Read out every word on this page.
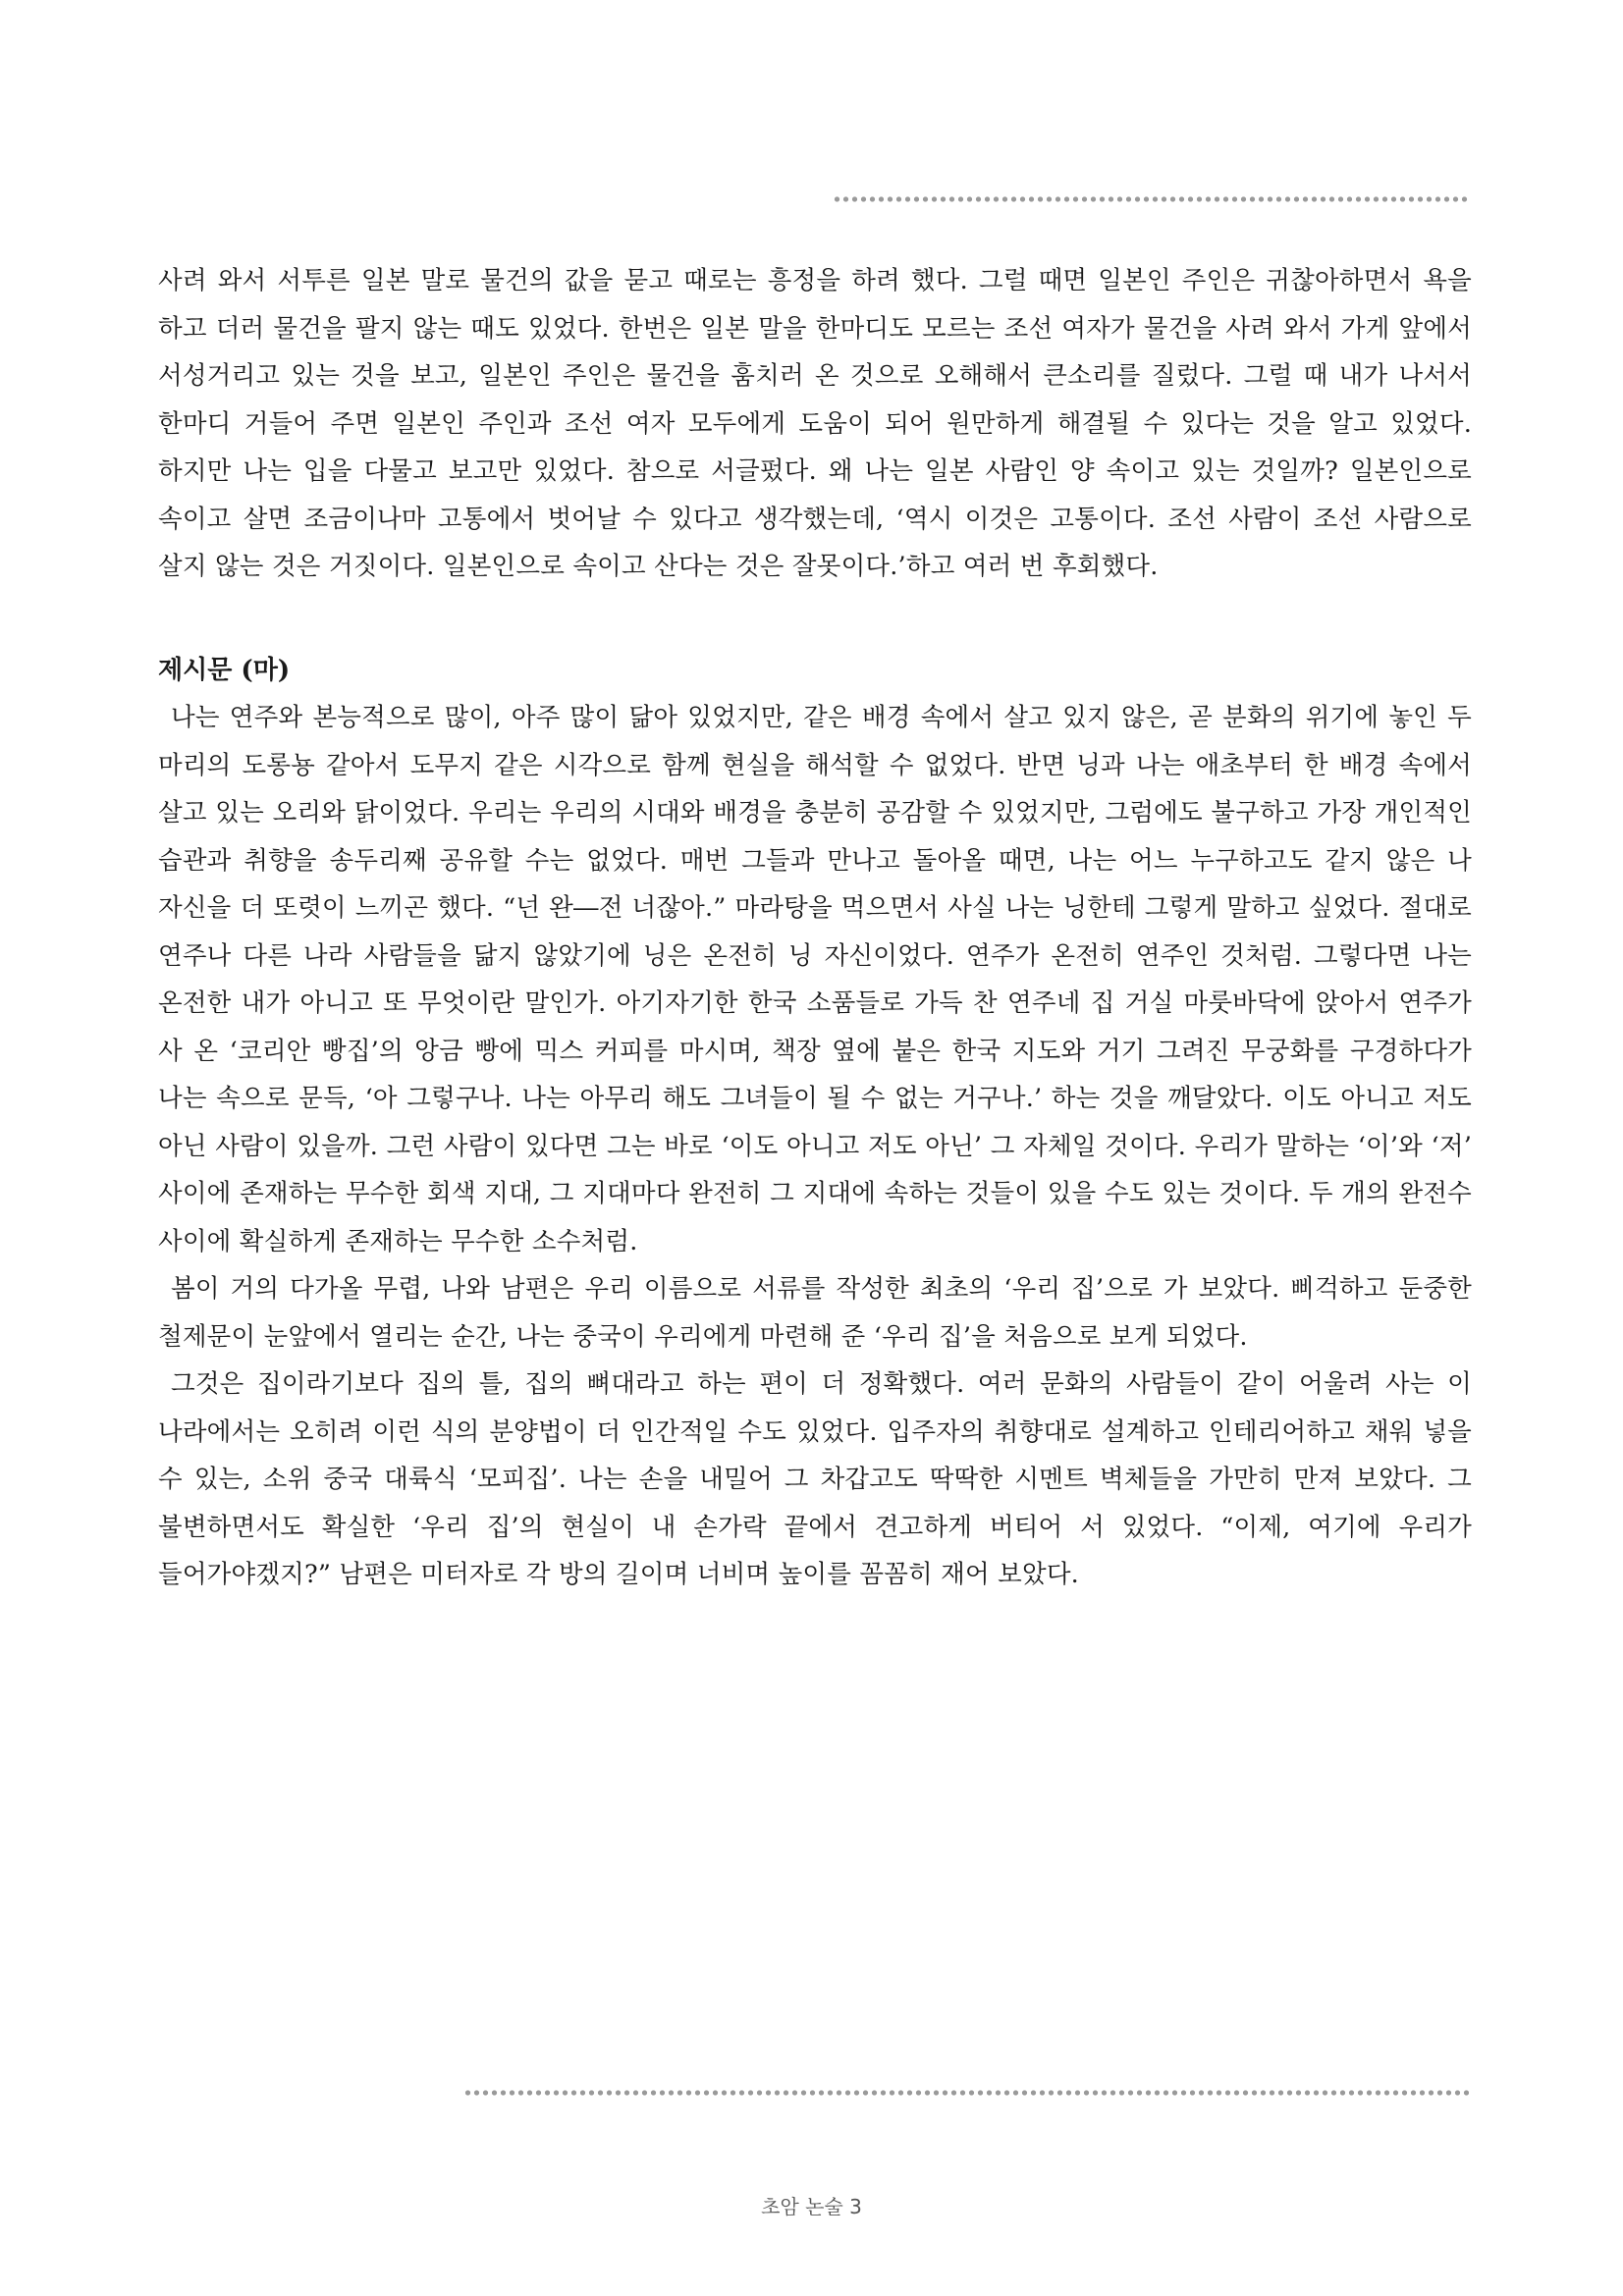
사려 와서 서투른 일본 말로 물건의 값을 묻고 때로는 흥정을 하려 했다. 그럴 때면 일본인 주인은 귀찮아하면서 욕을 하고 더러 물건을 팔지 않는 때도 있었다. 한번은 일본 말을 한마디도 모르는 조선 여자가 물건을 사려 와서 가게 앞에서 서성거리고 있는 것을 보고, 일본인 주인은 물건을 훔치러 온 것으로 오해해서 큰소리를 질렀다. 그럴 때 내가 나서서 한마디 거들어 주면 일본인 주인과 조선 여자 모두에게 도움이 되어 원만하게 해결될 수 있다는 것을 알고 있었다. 하지만 나는 입을 다물고 보고만 있었다. 참으로 서글펐다. 왜 나는 일본 사람인 양 속이고 있는 것일까? 일본인으로 속이고 살면 조금이나마 고통에서 벗어날 수 있다고 생각했는데, ‘역시 이것은 고통이다. 조선 사람이 조선 사람으로 살지 않는 것은 거짓이다. 일본인으로 속이고 산다는 것은 잘못이다.’하고 여러 번 후회했다.

제시문 (마)

나는 연주와 본능적으로 많이, 아주 많이 닮아 있었지만, 같은 배경 속에서 살고 있지 않은, 곧 분화의 위기에 놓인 두 마리의 도롱뇽 같아서 도무지 같은 시각으로 함께 현실을 해석할 수 없었다. 반면 닝과 나는 애초부터 한 배경 속에서 살고 있는 오리와 닭이었다. 우리는 우리의 시대와 배경을 충분히 공감할 수 있었지만, 그럼에도 불구하고 가장 개인적인 습관과 취향을 송두리째 공유할 수는 없었다. 매번 그들과 만나고 돌아올 때면, 나는 어느 누구하고도 같지 않은 나 자신을 더 또렷이 느끼곤 했다. “넌 완―전 너잖아.” 마라탕을 먹으면서 사실 나는 닝한테 그렇게 말하고 싶었다. 절대로 연주나 다른 나라 사람들을 닮지 않았기에 닝은 온전히 닝 자신이었다. 연주가 온전히 연주인 것처럼. 그렇다면 나는 온전한 내가 아니고 또 무엇이란 말인가. 아기자기한 한국 소품들로 가득 찬 연주네 집 거실 마룻바닥에 앉아서 연주가 사 온 ‘코리안 빵집’의 앙금 빵에 믹스 커피를 마시며, 책장 옆에 붙은 한국 지도와 거기 그려진 무궁화를 구경하다가 나는 속으로 문득, ‘아 그렇구나. 나는 아무리 해도 그녀들이 될 수 없는 거구나.’ 하는 것을 깨달았다. 이도 아니고 저도 아닌 사람이 있을까. 그런 사람이 있다면 그는 바로 ‘이도 아니고 저도 아닌’ 그 자체일 것이다. 우리가 말하는 ‘이’와 ‘저’ 사이에 존재하는 무수한 회색 지대, 그 지대마다 완전히 그 지대에 속하는 것들이 있을 수도 있는 것이다. 두 개의 완전수 사이에 확실하게 존재하는 무수한 소수처럼.

봄이 거의 다가올 무렵, 나와 남편은 우리 이름으로 서류를 작성한 최초의 ‘우리 집’으로 가 보았다. 삐걱하고 둔중한 철제문이 눈앞에서 열리는 순간, 나는 중국이 우리에게 마련해 준 ‘우리 집’을 처음으로 보게 되었다.

그것은 집이라기보다 집의 틀, 집의 뼈대라고 하는 편이 더 정확했다. 여러 문화의 사람들이 같이 어울려 사는 이 나라에서는 오히려 이런 식의 분양법이 더 인간적일 수도 있었다. 입주자의 취향대로 설계하고 인테리어하고 채워 넣을 수 있는, 소위 중국 대륙식 ‘모피집’. 나는 손을 내밀어 그 차갑고도 딱딱한 시멘트 벽체들을 가만히 만져 보았다. 그 불변하면서도 확실한 ‘우리 집’의 현실이 내 손가락 끝에서 견고하게 버티어 서 있었다. “이제, 여기에 우리가 들어가야겠지?” 남편은 미터자로 각 방의 길이며 너비며 높이를 꼼꼼히 재어 보았다.

초암 논술 3
